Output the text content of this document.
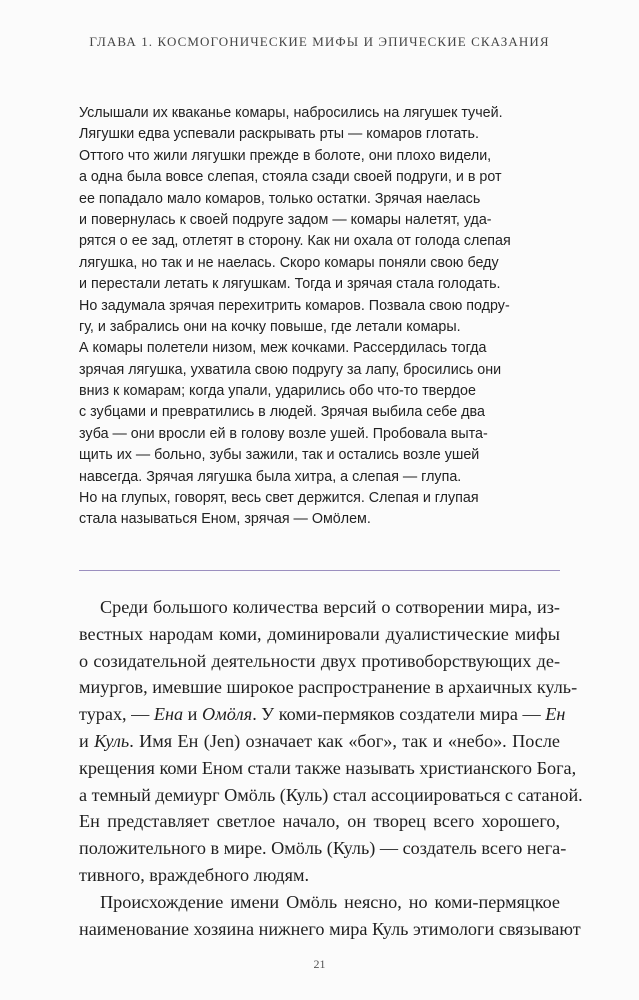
ГЛАВА 1. КОСМОГОНИЧЕСКИЕ МИФЫ И ЭПИЧЕСКИЕ СКАЗАНИЯ
Услышали их кваканье комары, набросились на лягушек тучей.
Лягушки едва успевали раскрывать рты — комаров глотать.
Оттого что жили лягушки прежде в болоте, они плохо видели,
а одна была вовсе слепая, стояла сзади своей подруги, и в рот
ее попадало мало комаров, только остатки. Зрячая наелась
и повернулась к своей подруге задом — комары налетят, уда-
рятся о ее зад, отлетят в сторону. Как ни охала от голода слепая
лягушка, но так и не наелась. Скоро комары поняли свою беду
и перестали летать к лягушкам. Тогда и зрячая стала голодать.
Но задумала зрячая перехитрить комаров. Позвала свою подру-
гу, и забрались они на кочку повыше, где летали комары.
А комары полетели низом, меж кочками. Рассердилась тогда
зрячая лягушка, ухватила свою подругу за лапу, бросились они
вниз к комарам; когда упали, ударились обо что-то твердое
с зубцами и превратились в людей. Зрячая выбила себе два
зуба — они вросли ей в голову возле ушей. Пробовала выта-
щить их — больно, зубы зажили, так и остались возле ушей
навсегда. Зрячая лягушка была хитра, а слепая — глупа.
Но на глупых, говорят, весь свет держится. Слепая и глупая
стала называться Еном, зрячая — Омӧлем.
Среди большого количества версий о сотворении мира, из-
вестных народам коми, доминировали дуалистические мифы
о созидательной деятельности двух противоборствующих де-
миургов, имевшие широкое распространение в архаичных куль-
турах, — Ена и Омӧля. У коми-пермяков создатели мира — Ен
и Куль. Имя Ен (Jen) означает как «бог», так и «небо». После
крещения коми Еном стали также называть христианского Бога,
а темный демиург Омӧль (Куль) стал ассоциироваться с сатаной.
Ен представляет светлое начало, он творец всего хорошего,
положительного в мире. Омӧль (Куль) — создатель всего нега-
тивного, враждебного людям.
Происхождение имени Омӧль неясно, но коми-пермяцкое
наименование хозяина нижнего мира Куль этимологи связывают
21
